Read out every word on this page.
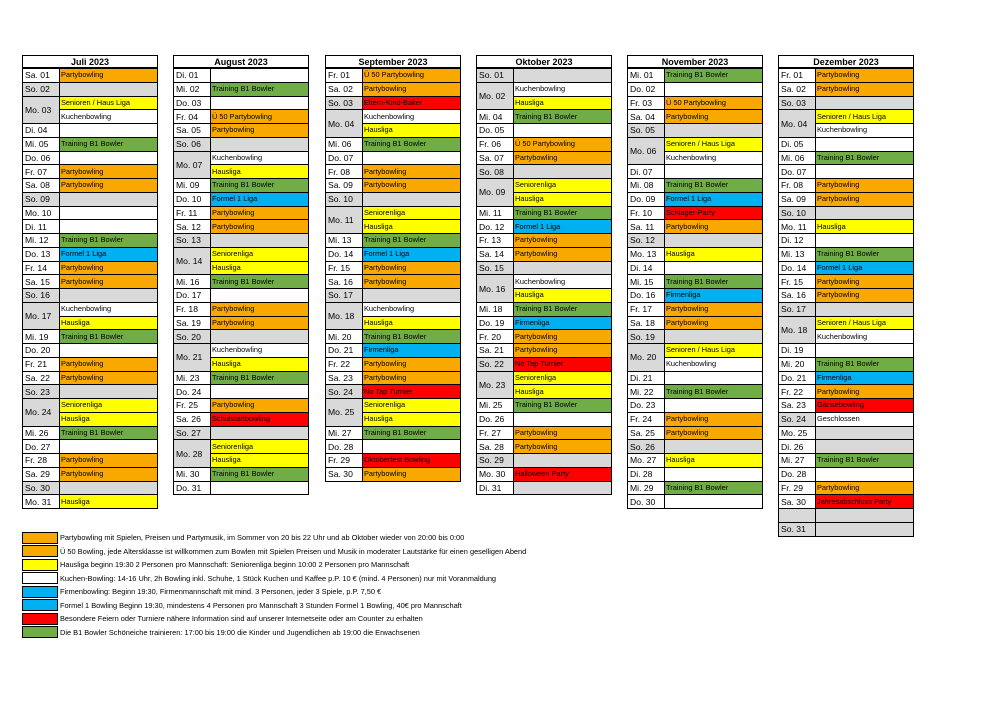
Juli 2023
Sa. 01	Partybowling
So. 02	
Mo. 03	Senioren / Haus Liga
	Kuchenbowling
Di. 04	
Mi. 05	Training B1 Bowler
Do. 06	
Fr. 07	Partybowling
Sa. 08	Partybowling
So. 09	
Mo. 10	
Di. 11	
Mi. 12	Training B1 Bowler
Do. 13	Formel 1 Liga
Fr. 14	Partybowling
Sa. 15	Partybowling
So. 16	
Mo. 17	Kuchenbowling
	Hausliga
Mi. 19	Training B1 Bowler
Do. 20	
Fr. 21	Partybowling
Sa. 22	Partybowling
So. 23	
Mo. 24	Seniorenliga
	Hausliga
Mi. 26	Training B1 Bowler
Do. 27	
Fr. 28	Partybowling
Sa. 29	Partybowling
So. 30	
Mo. 31	Hausliga
August 2023
Di. 01	
Mi. 02	Training B1 Bowler
Do. 03	
Fr. 04	Ü 50 Partybowling
Sa. 05	Partybowling
So. 06	
Mo. 07	Kuchenbowling
	Hausliga
Mi. 09	Training B1 Bowler
Do. 10	Formel 1 Liga
Fr. 11	Partybowling
Sa. 12	Partybowling
So. 13	
Mo. 14	Seniorenliga
	Hausliga
Mi. 16	Training B1 Bowler
Do. 17	
Fr. 18	Partybowling
Sa. 19	Partybowling
So. 20	
Mo. 21	Kuchenbowling
	Hausliga
Mi. 23	Training B1 Bowler
Do. 24	
Fr. 25	Partybowling
Sa. 26	Schulstartbowling
So. 27	
Mo. 28	Seniorenliga
	Hausliga
Mi. 30	Training B1 Bowler
Do. 31	
September 2023
Fr. 01	Ü 50 Partybowling
Sa. 02	Partybowling
So. 03	Eltern-Kind-Baker
Mo. 04	Kuchenbowling
	Hausliga
Mi. 06	Training B1 Bowler
Do. 07	
Fr. 08	Partybowling
Sa. 09	Partybowling
So. 10	
Mo. 11	Seniorenliga
	Hausliga
Mi. 13	Training B1 Bowler
Do. 14	Formel 1 Liga
Fr. 15	Partybowling
Sa. 16	Partybowling
So. 17	
Mo. 18	Kuchenbowling
	Hausliga
Mi. 20	Training B1 Bowler
Do. 21	Firmenliga
Fr. 22	Partybowling
Sa. 23	Partybowling
So. 24	No Tap Turnier
Mo. 25	Seniorenliga
	Hausliga
Mi. 27	Training B1 Bowler
Do. 28	
Fr. 29	Oktoberfest Bowling
Sa. 30	Partybowling
Oktober 2023
So. 01	
Mo. 02	Kuchenbowling
	Hausliga
Mi. 04	Training B1 Bowler
Do. 05	
Fr. 06	Ü 50 Partybowling
Sa. 07	Partybowling
So. 08	
Mo. 09	Seniorenliga
	Hausliga
Mi. 11	Training B1 Bowler
Do. 12	Formel 1 Liga
Fr. 13	Partybowling
Sa. 14	Partybowling
So. 15	
Mo. 16	Kuchenbowling
	Hausliga
Mi. 18	Training B1 Bowler
Do. 19	Firmenliga
Fr. 20	Partybowling
Sa. 21	Partybowling
So. 22	No Tap Turnier
Mo. 23	Seniorenliga
	Hausliga
Mi. 25	Training B1 Bowler
Do. 26	
Fr. 27	Partybowling
Sa. 28	Partybowling
So. 29	
Mo. 30	Halloween Party
Di. 31	
November 2023
Mi. 01	Training B1 Bowler
Do. 02	
Fr. 03	Ü 50 Partybowling
Sa. 04	Partybowling
So. 05	
Mo. 06	Senioren / Haus Liga
	Kuchenbowling
Di. 07	
Mi. 08	Training B1 Bowler
Do. 09	Formel 1 Liga
Fr. 10	Schlager-Party
Sa. 11	Partybowling
So. 12	
Mo. 13	Hausliga
Di. 14	
Mi. 15	Training B1 Bowler
Do. 16	Firmenliga
Fr. 17	Partybowling
Sa. 18	Partybowling
So. 19	
Mo. 20	Senioren / Haus Liga
	Kuchenbowling
Di. 21	
Mi. 22	Training B1 Bowler
Do. 23	
Fr. 24	Partybowling
Sa. 25	Partybowling
So. 26	
Mo. 27	Hausliga
Di. 28	
Mi. 29	Training B1 Bowler
Do. 30	
Dezember 2023
Fr. 01	Partybowling
Sa. 02	Partybowling
So. 03	
Mo. 04	Senioren / Haus Liga
	Kuchenbowling
Di. 05	
Mi. 06	Training B1 Bowler
Do. 07	
Fr. 08	Partybowling
Sa. 09	Partybowling
So. 10	
Mo. 11	Hausliga
Di. 12	
Mi. 13	Training B1 Bowler
Do. 14	Formel 1 Liga
Fr. 15	Partybowling
Sa. 16	Partybowling
So. 17	
Mo. 18	Senioren / Haus Liga
	Kuchenbowling
Di. 19	
Mi. 20	Training B1 Bowler
Do. 21	Firmenliga
Fr. 22	Partybowling
Sa. 23	Gänsebowling
So. 24	Geschlossen
Mo. 25	
Di. 26	
Mi. 27	Training B1 Bowler
Do. 28	
Fr. 29	Partybowling
Sa. 30	Jahresabschluss Party

So. 31	
Partybowling mit Spielen, Preisen und Partymusik, im Sommer von 20 bis 22 Uhr und ab Oktober wieder von 20:00 bis 0:00
Ü 50 Bowling, jede Altersklasse ist willkommen zum Bowlen mit Spielen Preisen und Musik in moderater Lautstärke für einen geselligen Abend
Hausliga beginn 19:30 2 Personen pro Mannschaft: Seniorenliga beginn 10:00 2 Personen pro Mannschaft
Kuchen-Bowling: 14-16 Uhr, 2h Bowling inkl. Schuhe, 1 Stück Kuchen und Kaffee p.P. 10 € (mind. 4 Personen) nur mit Voranmaldung
Firmenbowling: Beginn 19:30, Firmenmannschaft mit mind. 3 Personen, jeder 3 Spiele, p.P. 7,50 €
Formel 1 Bowling Beginn 19:30, mindestens 4 Personen pro Mannschaft 3 Stunden Formel 1 Bowling, 40€ pro Mannschaft
Besondere Feiern oder Turniere nähere Information sind auf unserer Internetseite oder am Counter zu erhalten
Die B1 Bowler Schöneiche trainieren: 17:00 bis 19:00 die Kinder und Jugendlichen ab 19:00 die Erwachsenen
